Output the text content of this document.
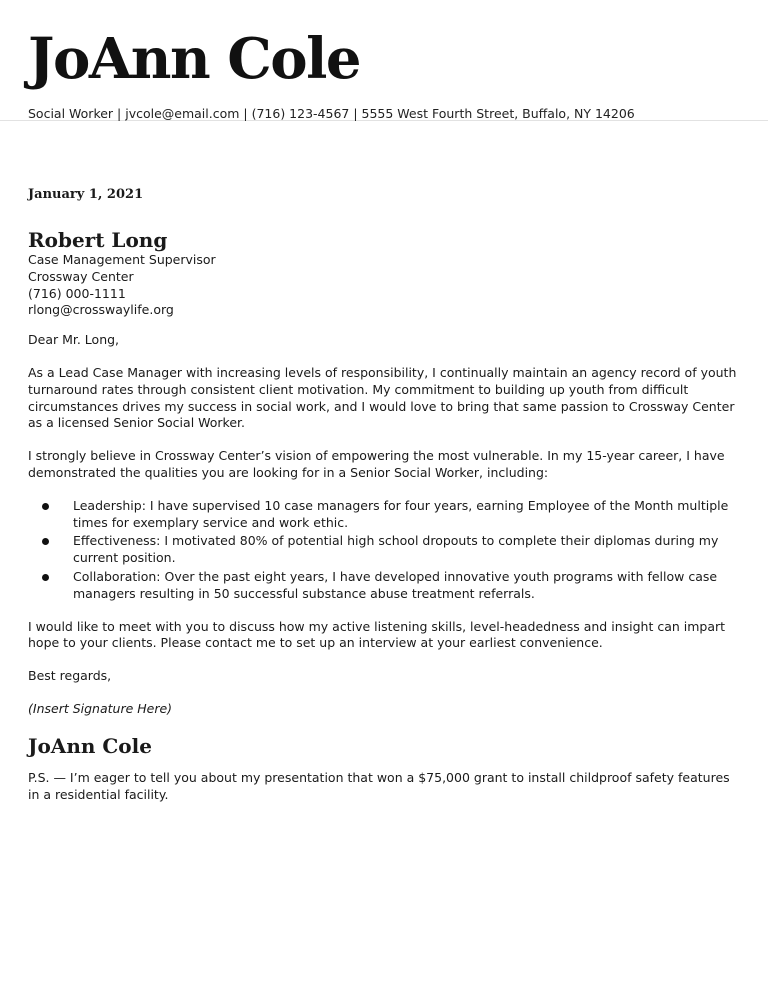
JoAnn Cole
Social Worker | jvcole@email.com | (716) 123-4567 | 5555 West Fourth Street, Buffalo, NY 14206
January 1, 2021
Robert Long
Case Management Supervisor
Crossway Center
(716) 000-1111
rlong@crosswaylife.org

Dear Mr. Long,

As a Lead Case Manager with increasing levels of responsibility, I continually maintain an agency record of youth turnaround rates through consistent client motivation. My commitment to building up youth from difficult circumstances drives my success in social work, and I would love to bring that same passion to Crossway Center as a licensed Senior Social Worker.

I strongly believe in Crossway Center’s vision of empowering the most vulnerable. In my 15-year career, I have demonstrated the qualities you are looking for in a Senior Social Worker, including:

Leadership: I have supervised 10 case managers for four years, earning Employee of the Month multiple times for exemplary service and work ethic.
Effectiveness: I motivated 80% of potential high school dropouts to complete their diplomas during my current position.
Collaboration: Over the past eight years, I have developed innovative youth programs with fellow case managers resulting in 50 successful substance abuse treatment referrals.

I would like to meet with you to discuss how my active listening skills, level-headedness and insight can impart hope to your clients. Please contact me to set up an interview at your earliest convenience.

Best regards,

(Insert Signature Here)

JoAnn Cole

P.S. — I’m eager to tell you about my presentation that won a $75,000 grant to install childproof safety features in a residential facility.
